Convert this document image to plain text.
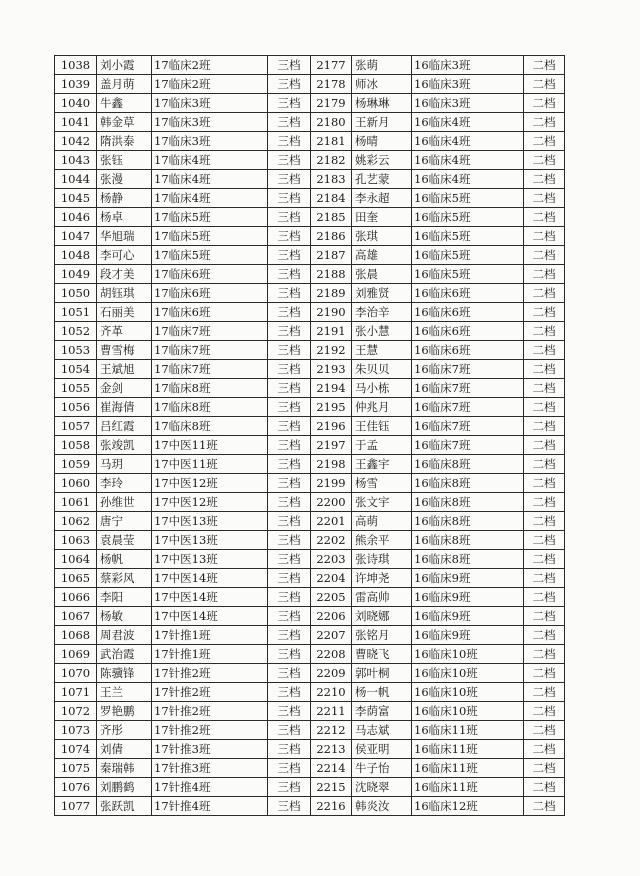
1038	刘小霞	17临床2班	三档	2177	张萌	16临床3班	二档
1039	盖月萌	17临床2班	三档	2178	师冰	16临床3班	二档
1040	牛鑫	17临床3班	三档	2179	杨琳琳	16临床3班	二档
1041	韩金草	17临床3班	三档	2180	王新月	16临床4班	二档
1042	隋洪泰	17临床3班	三档	2181	杨晴	16临床4班	二档
1043	张钰	17临床4班	三档	2182	姚彩云	16临床4班	二档
1044	张漫	17临床4班	三档	2183	孔艺蒙	16临床4班	二档
1045	杨静	17临床4班	三档	2184	李永超	16临床5班	二档
1046	杨卓	17临床5班	三档	2185	田奎	16临床5班	二档
1047	华旭瑞	17临床5班	三档	2186	张琪	16临床5班	二档
1048	李可心	17临床5班	三档	2187	高雄	16临床5班	二档
1049	段才美	17临床6班	三档	2188	张晨	16临床5班	二档
1050	胡钰琪	17临床6班	三档	2189	刘雅贤	16临床6班	二档
1051	石丽美	17临床6班	三档	2190	李治辛	16临床6班	二档
1052	齐革	17临床7班	三档	2191	张小慧	16临床6班	二档
1053	曹雪梅	17临床7班	三档	2192	王慧	16临床6班	二档
1054	王斌旭	17临床7班	三档	2193	朱贝贝	16临床7班	二档
1055	金剑	17临床8班	三档	2194	马小栋	16临床7班	二档
1056	崔海倩	17临床8班	三档	2195	仲兆月	16临床7班	二档
1057	吕红霞	17临床8班	三档	2196	王佳钰	16临床7班	二档
1058	张竣凯	17中医11班	三档	2197	于孟	16临床7班	二档
1059	马玥	17中医11班	三档	2198	王鑫宇	16临床8班	二档
1060	李玲	17中医12班	三档	2199	杨雪	16临床8班	二档
1061	孙维世	17中医12班	三档	2200	张文宇	16临床8班	二档
1062	唐宁	17中医13班	三档	2201	高萌	16临床8班	二档
1063	袁晨莹	17中医13班	三档	2202	熊余平	16临床8班	二档
1064	杨帆	17中医13班	三档	2203	张诗琪	16临床8班	二档
1065	蔡彩风	17中医14班	三档	2204	许坤尧	16临床9班	二档
1066	李阳	17中医14班	三档	2205	雷高帅	16临床9班	二档
1067	杨敏	17中医14班	三档	2206	刘晓娜	16临床9班	二档
1068	周君波	17针推1班	三档	2207	张铭月	16临床9班	二档
1069	武治霞	17针推1班	三档	2208	曹晓飞	16临床10班	二档
1070	陈骥锋	17针推2班	三档	2209	郭叶桐	16临床10班	二档
1071	王兰	17针推2班	三档	2210	杨一帆	16临床10班	二档
1072	罗艳鹏	17针推2班	三档	2211	李荫富	16临床10班	二档
1073	齐彤	17针推2班	三档	2212	马志斌	16临床11班	二档
1074	刘倩	17针推3班	三档	2213	侯亚明	16临床11班	二档
1075	秦瑞韩	17针推3班	三档	2214	牛子怡	16临床11班	二档
1076	刘鹏鹤	17针推4班	三档	2215	沈晓翠	16临床11班	二档
1077	张跃凯	17针推4班	三档	2216	韩炎汝	16临床12班	二档
